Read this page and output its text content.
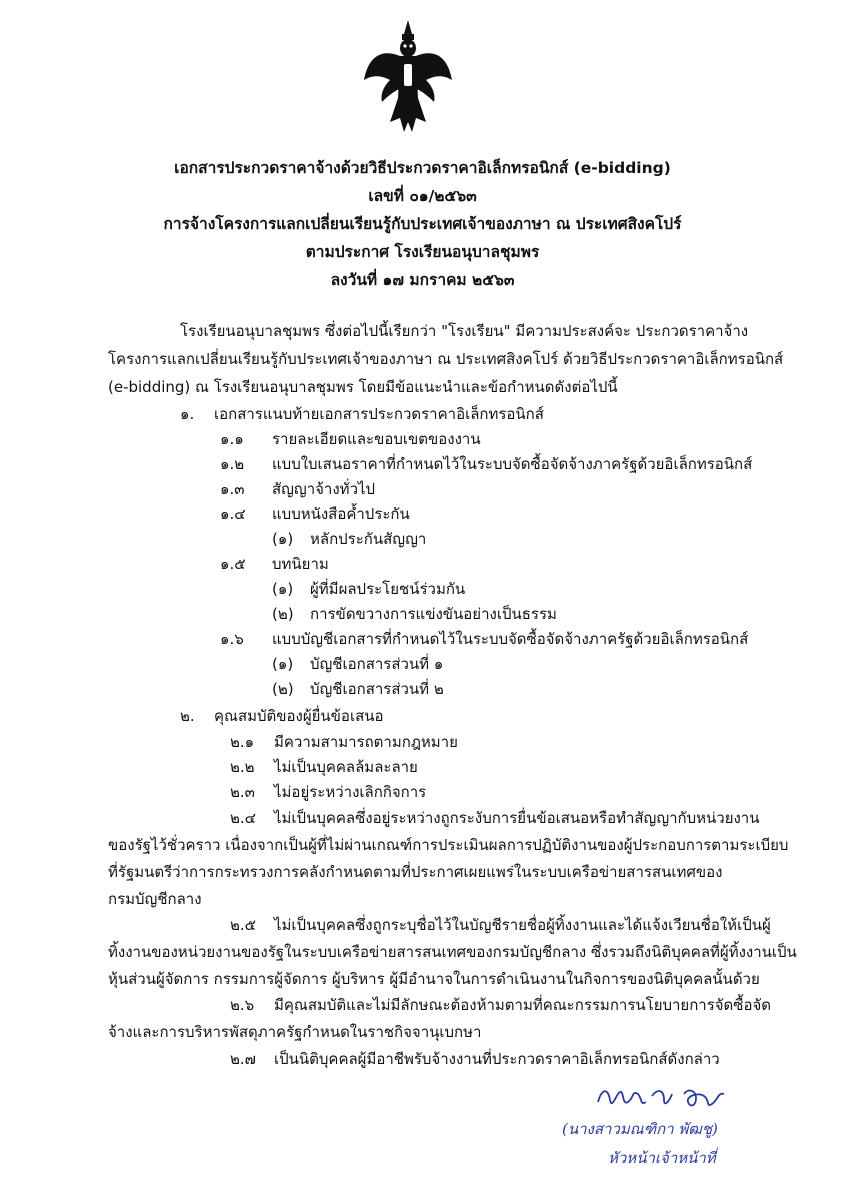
เอกสารประกวดราคาจ้างด้วยวิธีประกวดราคาอิเล็กทรอนิกส์ (e-bidding)
เลขที่ ๐๑/๒๕๖๓
การจ้างโครงการแลกเปลี่ยนเรียนรู้กับประเทศเจ้าของภาษา ณ ประเทศสิงคโปร์
ตามประกาศ โรงเรียนอนุบาลชุมพร
ลงวันที่ ๑๗ มกราคม ๒๕๖๓
โรงเรียนอนุบาลชุมพร ซึ่งต่อไปนี้เรียกว่า "โรงเรียน" มีความประสงค์จะ ประกวดราคาจ้าง
โครงการแลกเปลี่ยนเรียนรู้กับประเทศเจ้าของภาษา ณ ประเทศสิงคโปร์ ด้วยวิธีประกวดราคาอิเล็กทรอนิกส์
(e-bidding) ณ โรงเรียนอนุบาลชุมพร โดยมีข้อแนะนำและข้อกำหนดดังต่อไปนี้
๑. เอกสารแนบท้ายเอกสารประกวดราคาอิเล็กทรอนิกส์
๑.๑ รายละเอียดและขอบเขตของงาน
๑.๒ แบบใบเสนอราคาที่กำหนดไว้ในระบบจัดซื้อจัดจ้างภาครัฐด้วยอิเล็กทรอนิกส์
๑.๓ สัญญาจ้างทั่วไป
๑.๔ แบบหนังสือค้ำประกัน
(๑) หลักประกันสัญญา
๑.๕ บทนิยาม
(๑) ผู้ที่มีผลประโยชน์ร่วมกัน
(๒) การขัดขวางการแข่งขันอย่างเป็นธรรม
๑.๖ แบบบัญชีเอกสารที่กำหนดไว้ในระบบจัดซื้อจัดจ้างภาครัฐด้วยอิเล็กทรอนิกส์
(๑) บัญชีเอกสารส่วนที่ ๑
(๒) บัญชีเอกสารส่วนที่ ๒
๒. คุณสมบัติของผู้ยื่นข้อเสนอ
๒.๑ มีความสามารถตามกฎหมาย
๒.๒ ไม่เป็นบุคคลล้มละลาย
๒.๓ ไม่อยู่ระหว่างเลิกกิจการ
๒.๔ ไม่เป็นบุคคลซึ่งอยู่ระหว่างถูกระงับการยื่นข้อเสนอหรือทำสัญญากับหน่วยงาน
ของรัฐไว้ชั่วคราว เนื่องจากเป็นผู้ที่ไม่ผ่านเกณฑ์การประเมินผลการปฏิบัติงานของผู้ประกอบการตามระเบียบ
ที่รัฐมนตรีว่าการกระทรวงการคลังกำหนดตามที่ประกาศเผยแพร่ในระบบเครือข่ายสารสนเทศของ
กรมบัญชีกลาง
๒.๕ ไม่เป็นบุคคลซึ่งถูกระบุชื่อไว้ในบัญชีรายชื่อผู้ทิ้งงานและได้แจ้งเวียนชื่อให้เป็นผู้
ทิ้งงานของหน่วยงานของรัฐในระบบเครือข่ายสารสนเทศของกรมบัญชีกลาง ซึ่งรวมถึงนิติบุคคลที่ผู้ทิ้งงานเป็น
หุ้นส่วนผู้จัดการ กรรมการผู้จัดการ ผู้บริหาร ผู้มีอำนาจในการดำเนินงานในกิจการของนิติบุคคลนั้นด้วย
๒.๖ มีคุณสมบัติและไม่มีลักษณะต้องห้ามตามที่คณะกรรมการนโยบายการจัดซื้อจัด
จ้างและการบริหารพัสดุภาครัฐกำหนดในราชกิจจานุเบกษา
๒.๗ เป็นนิติบุคคลผู้มีอาชีพรับจ้างงานที่ประกวดราคาอิเล็กทรอนิกส์ดังกล่าว
(นางสาวมณฑิกา พัฒชู)
หัวหน้าเจ้าหน้าที่
